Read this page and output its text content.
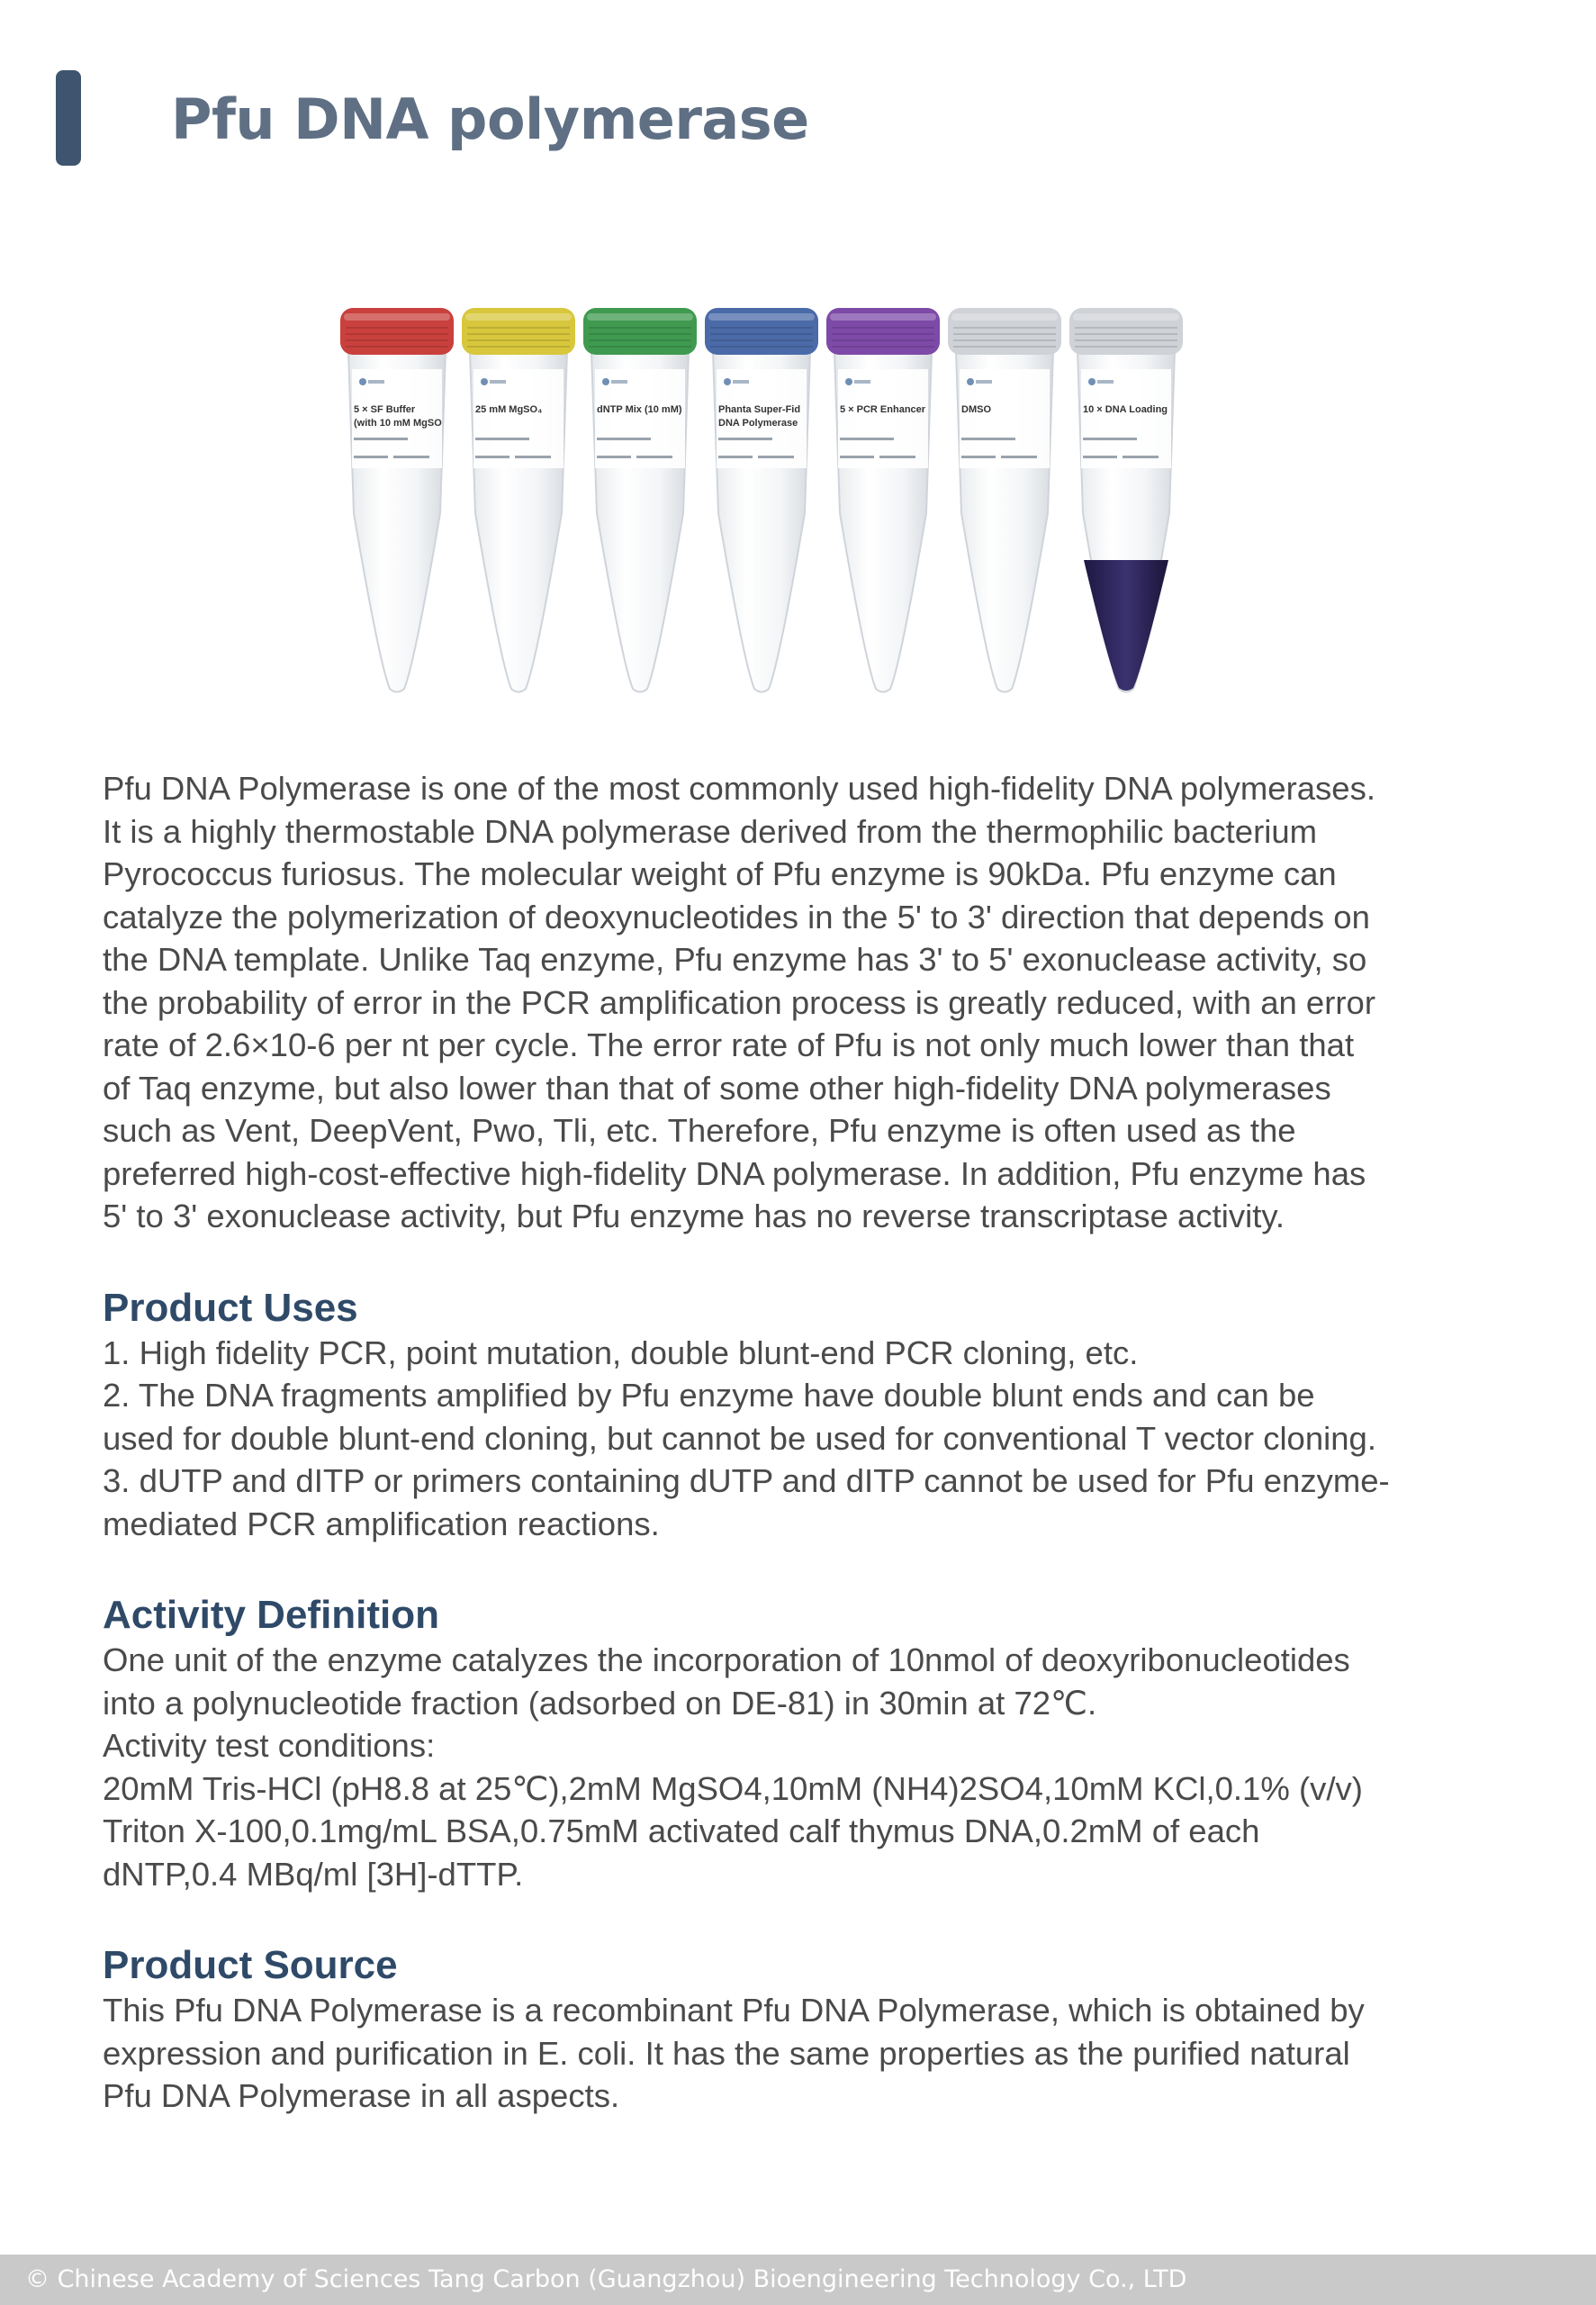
Pfu DNA polymerase
5 × SF Buffer
(with 10 mM MgSO
25 mM MgSO₄	dNTP Mix (10 mM)	Phanta Super-Fid
DNA Polymerase
5 × PCR Enhancer	DMSO	10 × DNA Loading

Pfu DNA Polymerase is one of the most commonly used high-fidelity DNA polymerases.
It is a highly thermostable DNA polymerase derived from the thermophilic bacterium
Pyrococcus furiosus. The molecular weight of Pfu enzyme is 90kDa. Pfu enzyme can
catalyze the polymerization of deoxynucleotides in the 5' to 3' direction that depends on
the DNA template. Unlike Taq enzyme, Pfu enzyme has 3' to 5' exonuclease activity, so
the probability of error in the PCR amplification process is greatly reduced, with an error
rate of 2.6×10-6 per nt per cycle. The error rate of Pfu is not only much lower than that
of Taq enzyme, but also lower than that of some other high-fidelity DNA polymerases
such as Vent, DeepVent, Pwo, Tli, etc. Therefore, Pfu enzyme is often used as the
preferred high-cost-effective high-fidelity DNA polymerase. In addition, Pfu enzyme has
5' to 3' exonuclease activity, but Pfu enzyme has no reverse transcriptase activity.

Product Uses

1. High fidelity PCR, point mutation, double blunt-end PCR cloning, etc.
2. The DNA fragments amplified by Pfu enzyme have double blunt ends and can be
used for double blunt-end cloning, but cannot be used for conventional T vector cloning.
3. dUTP and dITP or primers containing dUTP and dITP cannot be used for Pfu enzyme-
mediated PCR amplification reactions.

Activity Definition

One unit of the enzyme catalyzes the incorporation of 10nmol of deoxyribonucleotides
into a polynucleotide fraction (adsorbed on DE-81) in 30min at 72℃.
Activity test conditions:
20mM Tris-HCl (pH8.8 at 25℃),2mM MgSO4,10mM (NH4)2SO4,10mM KCl,0.1% (v/v)
Triton X-100,0.1mg/mL BSA,0.75mM activated calf thymus DNA,0.2mM of each
dNTP,0.4 MBq/ml [3H]-dTTP.

Product Source

This Pfu DNA Polymerase is a recombinant Pfu DNA Polymerase, which is obtained by
expression and purification in E. coli. It has the same properties as the purified natural
Pfu DNA Polymerase in all aspects.

© Chinese Academy of Sciences Tang Carbon (Guangzhou) Bioengineering Technology Co., LTD
